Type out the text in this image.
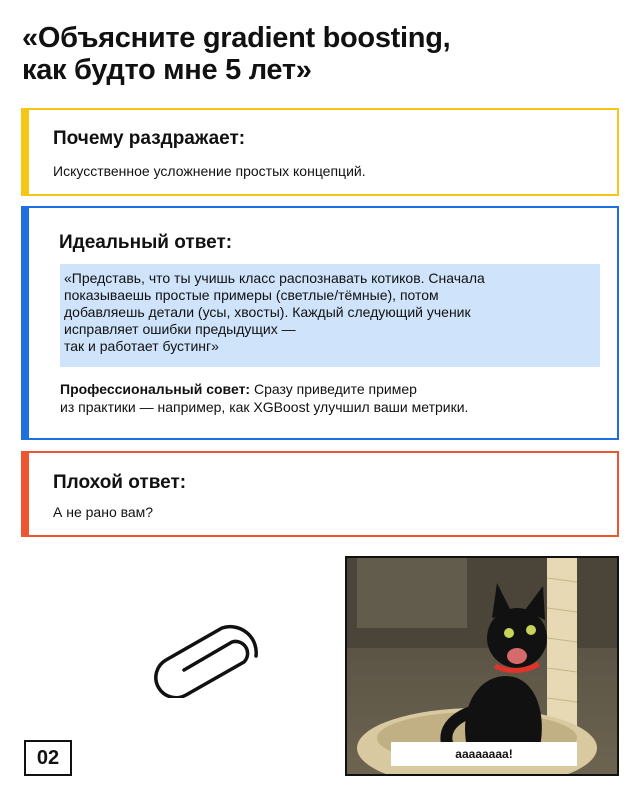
«Объясните gradient boosting,
как будто мне 5 лет»
Почему раздражает:
Искусственное усложнение простых концепций.
Идеальный ответ:
«Представь, что ты учишь класс распознавать котиков. Сначала
показываешь простые примеры (светлые/тёмные), потом
добавляешь детали (усы, хвосты). Каждый следующий ученик
исправляет ошибки предыдущих —
так и работает бустинг»
Профессиональный совет: Сразу приведите пример
из практики — например, как XGBoost улучшил ваши метрики.
Плохой ответ:
А не рано вам?
аааааааа!
02
